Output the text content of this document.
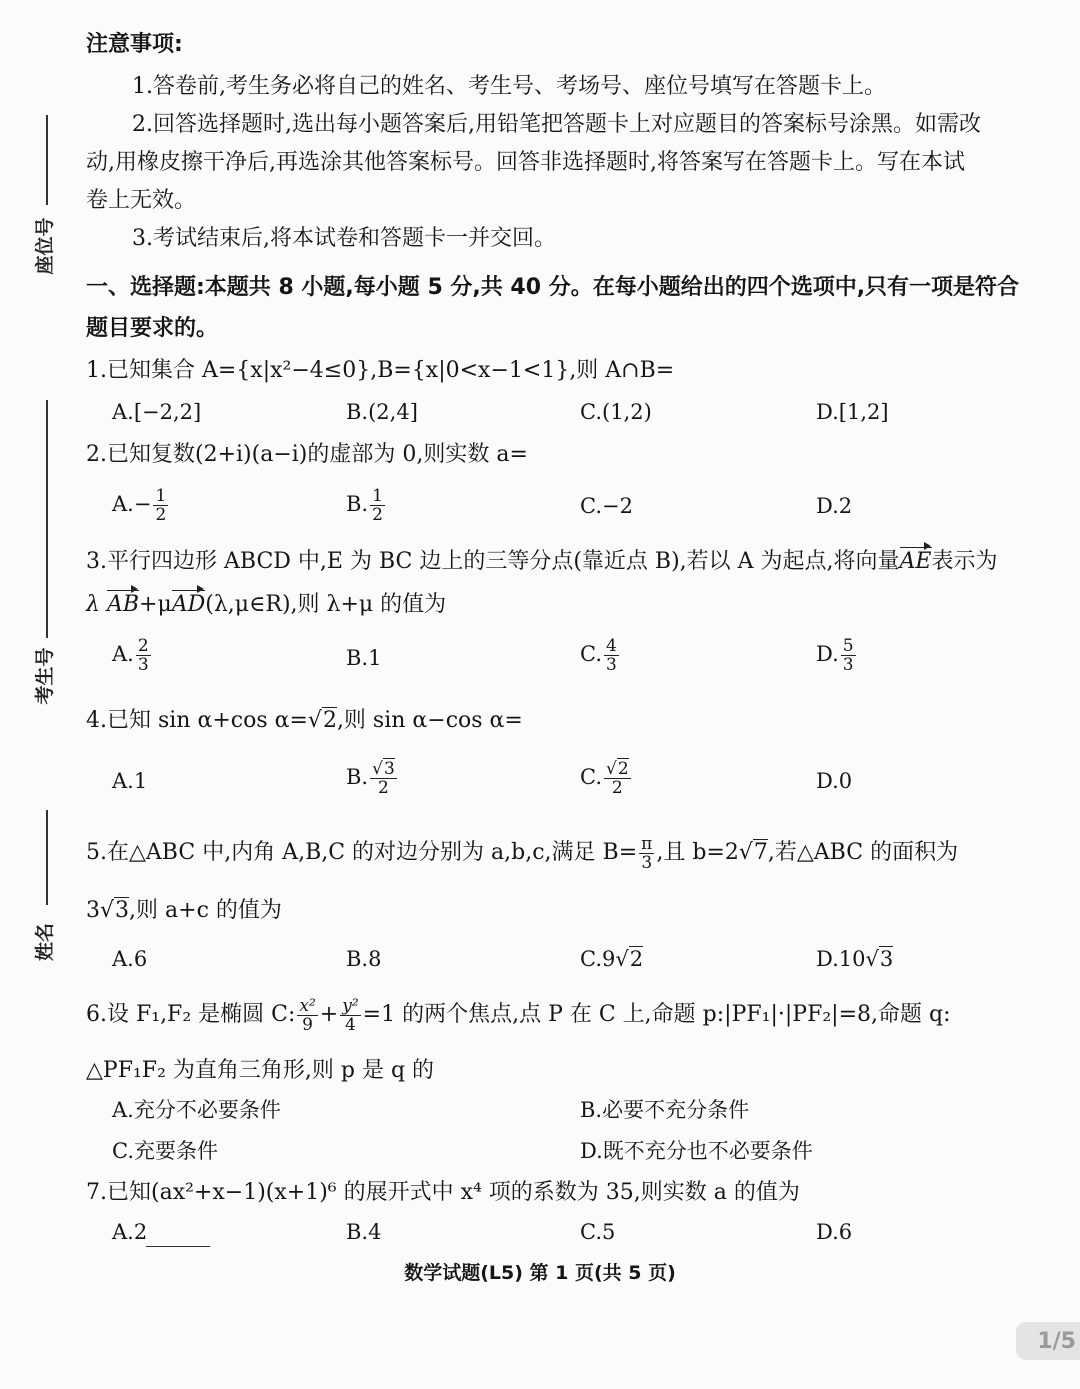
座位号
考生号
姓名
注意事项:
1.答卷前,考生务必将自己的姓名、考生号、考场号、座位号填写在答题卡上。
2.回答选择题时,选出每小题答案后,用铅笔把答题卡上对应题目的答案标号涂黑。如需改
动,用橡皮擦干净后,再选涂其他答案标号。回答非选择题时,将答案写在答题卡上。写在本试
卷上无效。
3.考试结束后,将本试卷和答题卡一并交回。
一、选择题:本题共 8 小题,每小题 5 分,共 40 分。在每小题给出的四个选项中,只有一项是符合
题目要求的。
1.已知集合 A={x|x²−4≤0},B={x|0<x−1<1},则 A∩B=
A.[−2,2]	B.(2,4]	C.(1,2)	D.[1,2]
2.已知复数(2+i)(a−i)的虚部为 0,则实数 a=
$A.- \frac{1}{2}$	B. $\frac{1}{2}$	C.−2	D.2
3.平行四边形 ABCD 中,E 为 BC 边上的三等分点(靠近点 B),若以 A 为起点,将向量AE表示为
λ AB+μAD(λ,μ∈R),则 λ+μ 的值为
A. $\frac{2}{3}$	B.1	C. $\frac{4}{3}$	D. $\frac{5}{3}$
4.已知 sin α+cos α=√2,则 sin α−cos α=
A.1	B. $\frac{√3}{2}$	C. $\frac{√2}{2}$	D.0
5.在△ABC 中,内角 A,B,C 的对边分别为 a,b,c,满足 $B= \frac{\pi}{3}$ ,且 b=2√7,若△ABC 的面积为
3√3,则 a+c 的值为
A.6	B.8	C.9√2	D.10√3
6.设 F₁,F₂ 是椭圆 C: $\frac{\text{x²}}{9} + \frac{\text{y²}}{4} =1$ 的两个焦点,点 P 在 C 上,命题 p:|PF₁|·|PF₂|=8,命题 q:
△PF₁F₂ 为直角三角形,则 p 是 q 的
A.充分不必要条件	B.必要不充分条件
C.充要条件	D.既不充分也不必要条件
7.已知(ax²+x−1)(x+1)⁶ 的展开式中 x⁴ 项的系数为 35,则实数 a 的值为
A.2	B.4	C.5	D.6
数学试题(L5) 第 1 页(共 5 页)
1/5
